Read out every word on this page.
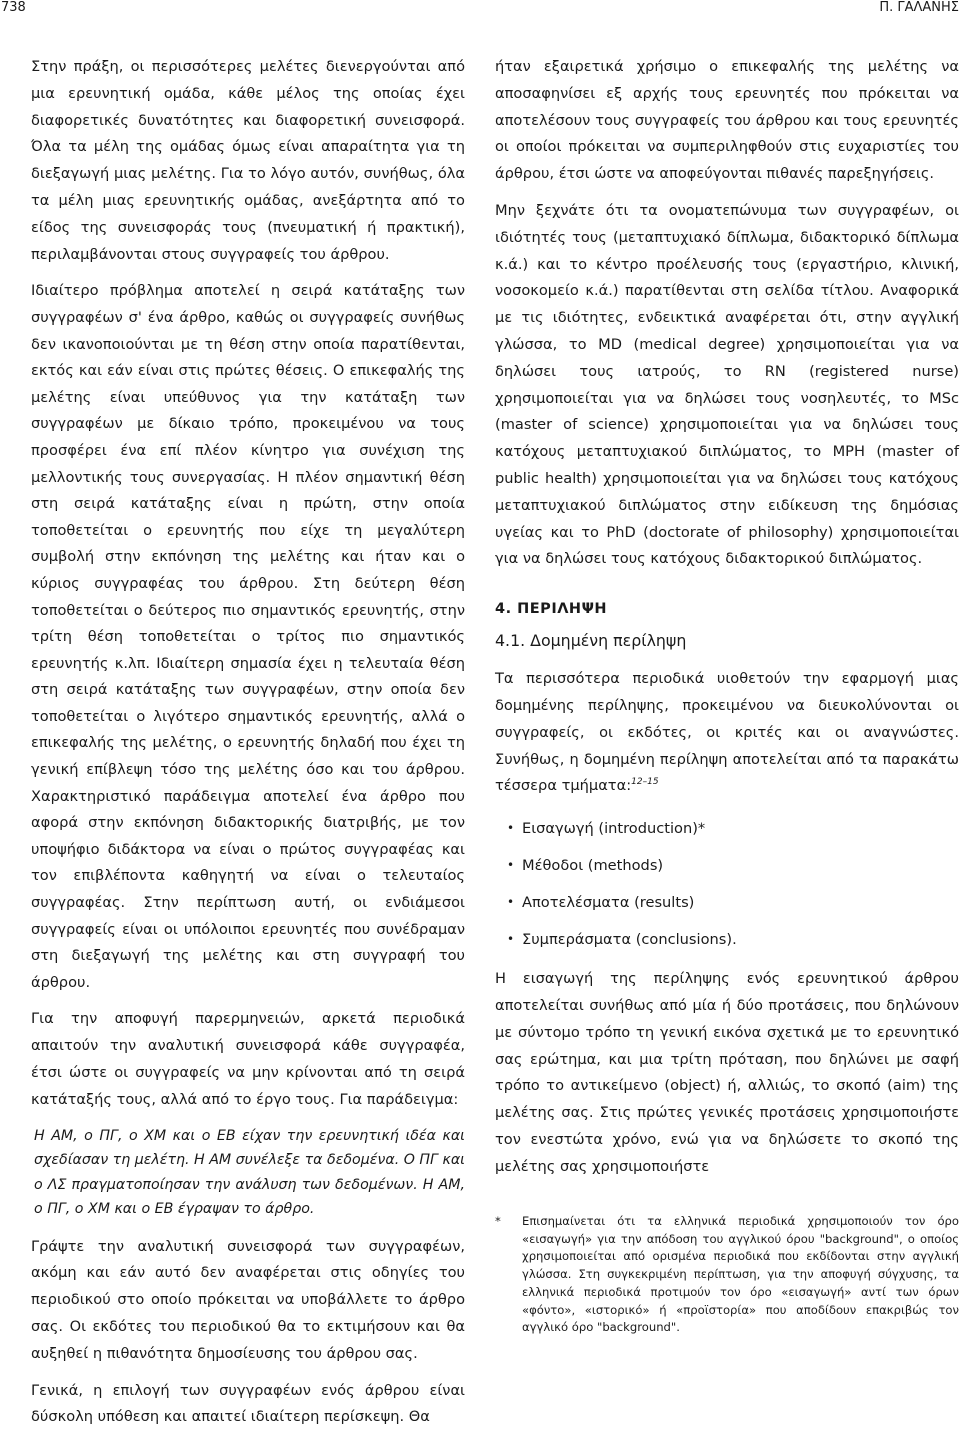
738	Π. ΓΑΛΑΝΗΣ

Στην πράξη, οι περισσότερες μελέτες διενεργούνται από μια ερευνητική ομάδα, κάθε μέλος της οποίας έχει διαφορετικές δυνατότητες και διαφορετική συνεισφορά. Όλα τα μέλη της ομάδας όμως είναι απαραίτητα για τη διεξαγωγή μιας μελέτης. Για το λόγο αυτόν, συνήθως, όλα τα μέλη μιας ερευνητικής ομάδας, ανεξάρτητα από το είδος της συνεισφοράς τους (πνευματική ή πρακτική), περιλαμβάνονται στους συγγραφείς του άρθρου.

Ιδιαίτερο πρόβλημα αποτελεί η σειρά κατάταξης των συγγραφέων σ' ένα άρθρο, καθώς οι συγγραφείς συνήθως δεν ικανοποιούνται με τη θέση στην οποία παρατίθενται, εκτός και εάν είναι στις πρώτες θέσεις. Ο επικεφαλής της μελέτης είναι υπεύθυνος για την κατάταξη των συγγραφέων με δίκαιο τρόπο, προκειμένου να τους προσφέρει ένα επί πλέον κίνητρο για συνέχιση της μελλοντικής τους συνεργασίας. Η πλέον σημαντική θέση στη σειρά κατάταξης είναι η πρώτη, στην οποία τοποθετείται ο ερευνητής που είχε τη μεγαλύτερη συμβολή στην εκπόνηση της μελέτης και ήταν και ο κύριος συγγραφέας του άρθρου. Στη δεύτερη θέση τοποθετείται ο δεύτερος πιο σημαντικός ερευνητής, στην τρίτη θέση τοποθετείται ο τρίτος πιο σημαντικός ερευνητής κ.λπ. Ιδιαίτερη σημασία έχει η τελευταία θέση στη σειρά κατάταξης των συγγραφέων, στην οποία δεν τοποθετείται ο λιγότερο σημαντικός ερευνητής, αλλά ο επικεφαλής της μελέτης, ο ερευνητής δηλαδή που έχει τη γενική επίβλεψη τόσο της μελέτης όσο και του άρθρου. Χαρακτηριστικό παράδειγμα αποτελεί ένα άρθρο που αφορά στην εκπόνηση διδακτορικής διατριβής, με τον υποψήφιο διδάκτορα να είναι ο πρώτος συγγραφέας και τον επιβλέποντα καθηγητή να είναι ο τελευταίος συγγραφέας. Στην περίπτωση αυτή, οι ενδιάμεσοι συγγραφείς είναι οι υπόλοιποι ερευνητές που συνέδραμαν στη διεξαγωγή της μελέτης και στη συγγραφή του άρθρου.

Για την αποφυγή παρερμηνειών, αρκετά περιοδικά απαιτούν την αναλυτική συνεισφορά κάθε συγγραφέα, έτσι ώστε οι συγγραφείς να μην κρίνονται από τη σειρά κατάταξής τους, αλλά από το έργο τους. Για παράδειγμα:

Η ΑΜ, ο ΠΓ, ο ΧΜ και ο ΕΒ είχαν την ερευνητική ιδέα και σχεδίασαν τη μελέτη. Η ΑΜ συνέλεξε τα δεδομένα. Ο ΠΓ και ο ΛΣ πραγματοποίησαν την ανάλυση των δεδομένων. Η ΑΜ, ο ΠΓ, ο ΧΜ και ο ΕΒ έγραψαν το άρθρο.

Γράψτε την αναλυτική συνεισφορά των συγγραφέων, ακόμη και εάν αυτό δεν αναφέρεται στις οδηγίες του περιοδικού στο οποίο πρόκειται να υποβάλλετε το άρθρο σας. Οι εκδότες του περιοδικού θα το εκτιμήσουν και θα αυξηθεί η πιθανότητα δημοσίευσης του άρθρου σας.

Γενικά, η επιλογή των συγγραφέων ενός άρθρου είναι δύσκολη υπόθεση και απαιτεί ιδιαίτερη περίσκεψη. Θα

ήταν εξαιρετικά χρήσιμο ο επικεφαλής της μελέτης να αποσαφηνίσει εξ αρχής τους ερευνητές που πρόκειται να αποτελέσουν τους συγγραφείς του άρθρου και τους ερευνητές οι οποίοι πρόκειται να συμπεριληφθούν στις ευχαριστίες του άρθρου, έτσι ώστε να αποφεύγονται πιθανές παρεξηγήσεις.

Μην ξεχνάτε ότι τα ονοματεπώνυμα των συγγραφέων, οι ιδιότητές τους (μεταπτυχιακό δίπλωμα, διδακτορικό δίπλωμα κ.ά.) και το κέντρο προέλευσής τους (εργαστήριο, κλινική, νοσοκομείο κ.ά.) παρατίθενται στη σελίδα τίτλου. Αναφορικά με τις ιδιότητες, ενδεικτικά αναφέρεται ότι, στην αγγλική γλώσσα, το MD (medical degree) χρησιμοποιείται για να δηλώσει τους ιατρούς, το RN (registered nurse) χρησιμοποιείται για να δηλώσει τους νοσηλευτές, το MSc (master of science) χρησιμοποιείται για να δηλώσει τους κατόχους μεταπτυχιακού διπλώματος, το MPH (master of public health) χρησιμοποιείται για να δηλώσει τους κατόχους μεταπτυχιακού διπλώματος στην ειδίκευση της δημόσιας υγείας και το PhD (doctorate of philosophy) χρησιμοποιείται για να δηλώσει τους κατόχους διδακτορικού διπλώματος.

4. ΠΕΡΙΛΗΨΗ
4.1. Δομημένη περίληψη

Τα περισσότερα περιοδικά υιοθετούν την εφαρμογή μιας δομημένης περίληψης, προκειμένου να διευκολύνονται οι συγγραφείς, οι εκδότες, οι κριτές και οι αναγνώστες. Συνήθως, η δομημένη περίληψη αποτελείται από τα παρακάτω τέσσερα τμήματα:$^{12-15}$

• Εισαγωγή (introduction)*
• Μέθοδοι (methods)
• Αποτελέσματα (results)
• Συμπεράσματα (conclusions).

Η εισαγωγή της περίληψης ενός ερευνητικού άρθρου αποτελείται συνήθως από μία ή δύο προτάσεις, που δηλώνουν με σύντομο τρόπο τη γενική εικόνα σχετικά με το ερευνητικό σας ερώτημα, και μια τρίτη πρόταση, που δηλώνει με σαφή τρόπο το αντικείμενο (object) ή, αλλιώς, το σκοπό (aim) της μελέτης σας. Στις πρώτες γενικές προτάσεις χρησιμοποιήστε τον ενεστώτα χρόνο, ενώ για να δηλώσετε το σκοπό της μελέτης σας χρησιμοποιήστε

*	Επισημαίνεται ότι τα ελληνικά περιοδικά χρησιμοποιούν τον όρο «εισαγωγή» για την απόδοση του αγγλικού όρου "background", ο οποίος χρησιμοποιείται από ορισμένα περιοδικά που εκδίδονται στην αγγλική γλώσσα. Στη συγκεκριμένη περίπτωση, για την αποφυγή σύγχυσης, τα ελληνικά περιοδικά προτιμούν τον όρο «εισαγωγή» αντί των όρων «φόντο», «ιστορικό» ή «προϊστορία» που αποδίδουν επακριβώς τον αγγλικό όρο "background".
